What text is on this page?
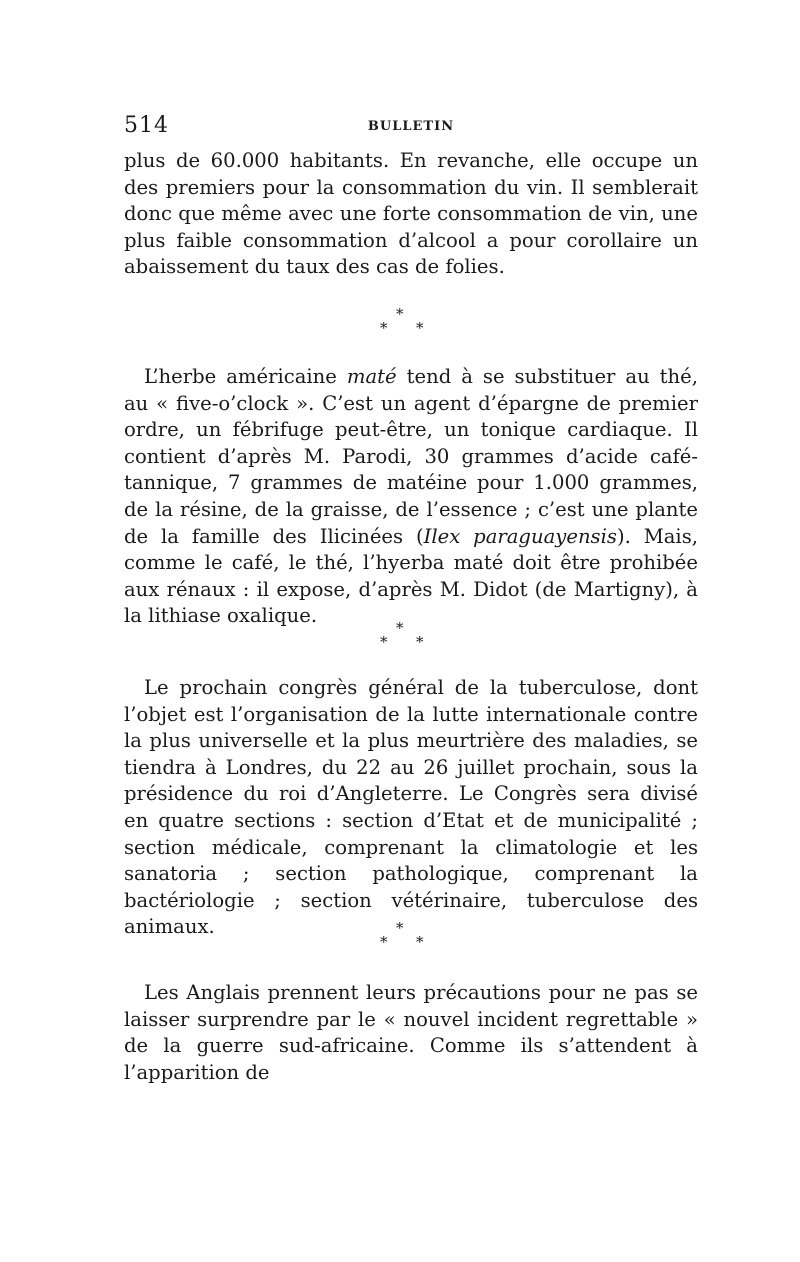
514	BULLETIN

plus de 60.000 habitants. En revanche, elle occupe un des premiers pour la consommation du vin. Il semblerait donc que même avec une forte consommation de vin, une plus faible consommation d’alcool a pour corollaire un abaissement du taux des cas de folies.

*
* *

L’herbe américaine maté tend à se substituer au thé, au « five-o’clock ». C’est un agent d’épargne de premier ordre, un fébrifuge peut-être, un tonique cardiaque. Il contient d’après M. Parodi, 30 grammes d’acide café-tannique, 7 grammes de matéine pour 1.000 grammes, de la résine, de la graisse, de l’essence ; c’est une plante de la famille des Ilicinées (Ilex paraguayensis). Mais, comme le café, le thé, l’hyerba maté doit être prohibée aux rénaux : il expose, d’après M. Didot (de Martigny), à la lithiase oxalique.

*
* *

Le prochain congrès général de la tuberculose, dont l’objet est l’organisation de la lutte internationale contre la plus universelle et la plus meurtrière des maladies, se tiendra à Londres, du 22 au 26 juillet prochain, sous la présidence du roi d’Angleterre. Le Congrès sera divisé en quatre sections : section d’Etat et de municipalité ; section médicale, comprenant la climatologie et les sanatoria ; section pathologique, comprenant la bactériologie ; section vétérinaire, tuberculose des animaux.	*
* *

Les Anglais prennent leurs précautions pour ne pas se laisser surprendre par le « nouvel incident regrettable » de la guerre sud-africaine. Comme ils s’attendent à l’apparition de
